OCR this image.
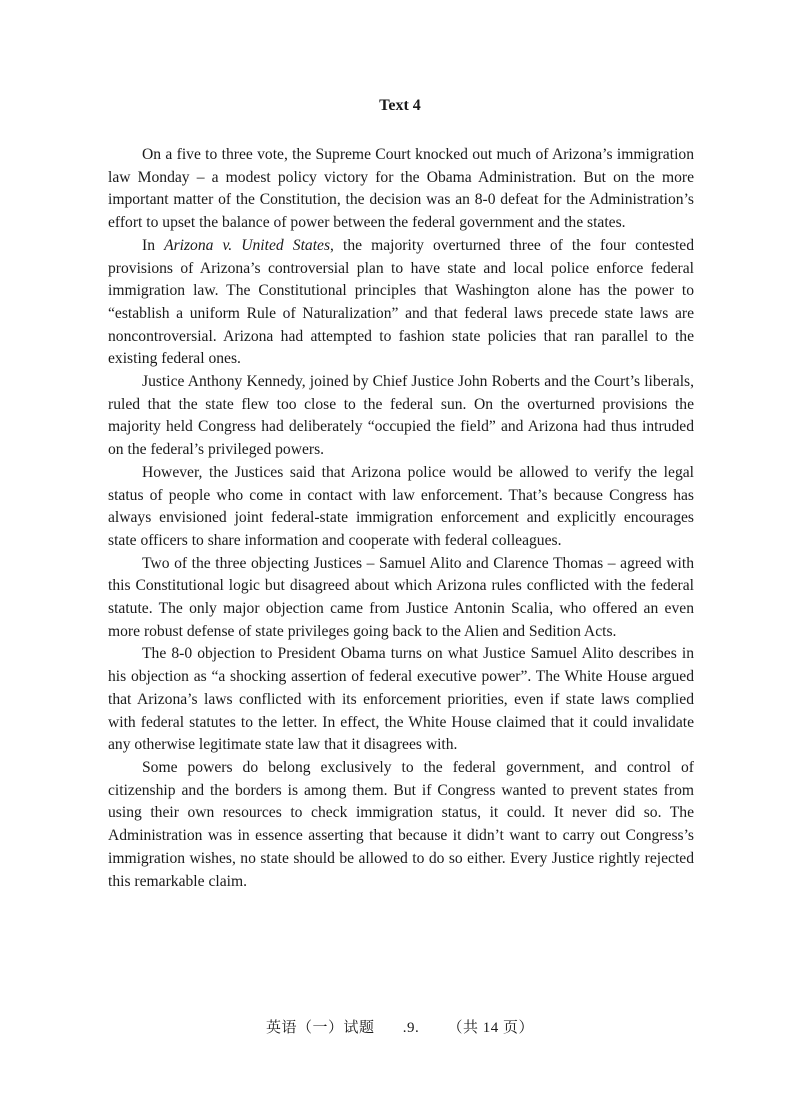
Text 4

On a five to three vote, the Supreme Court knocked out much of Arizona’s immigration law Monday – a modest policy victory for the Obama Administration. But on the more important matter of the Constitution, the decision was an 8-0 defeat for the Administration’s effort to upset the balance of power between the federal government and the states.

In Arizona v. United States, the majority overturned three of the four contested provisions of Arizona’s controversial plan to have state and local police enforce federal immigration law. The Constitutional principles that Washington alone has the power to “establish a uniform Rule of Naturalization” and that federal laws precede state laws are noncontroversial. Arizona had attempted to fashion state policies that ran parallel to the existing federal ones.

Justice Anthony Kennedy, joined by Chief Justice John Roberts and the Court’s liberals, ruled that the state flew too close to the federal sun. On the overturned provisions the majority held Congress had deliberately “occupied the field” and Arizona had thus intruded on the federal’s privileged powers.

However, the Justices said that Arizona police would be allowed to verify the legal status of people who come in contact with law enforcement. That’s because Congress has always envisioned joint federal-state immigration enforcement and explicitly encourages state officers to share information and cooperate with federal colleagues.

Two of the three objecting Justices – Samuel Alito and Clarence Thomas – agreed with this Constitutional logic but disagreed about which Arizona rules conflicted with the federal statute. The only major objection came from Justice Antonin Scalia, who offered an even more robust defense of state privileges going back to the Alien and Sedition Acts.

The 8-0 objection to President Obama turns on what Justice Samuel Alito describes in his objection as “a shocking assertion of federal executive power”. The White House argued that Arizona’s laws conflicted with its enforcement priorities, even if state laws complied with federal statutes to the letter. In effect, the White House claimed that it could invalidate any otherwise legitimate state law that it disagrees with.

Some powers do belong exclusively to the federal government, and control of citizenship and the borders is among them. But if Congress wanted to prevent states from using their own resources to check immigration status, it could. It never did so. The Administration was in essence asserting that because it didn’t want to carry out Congress’s immigration wishes, no state should be allowed to do so either. Every Justice rightly rejected this remarkable claim.

英语（一）试题 .9. （共 14 页）
